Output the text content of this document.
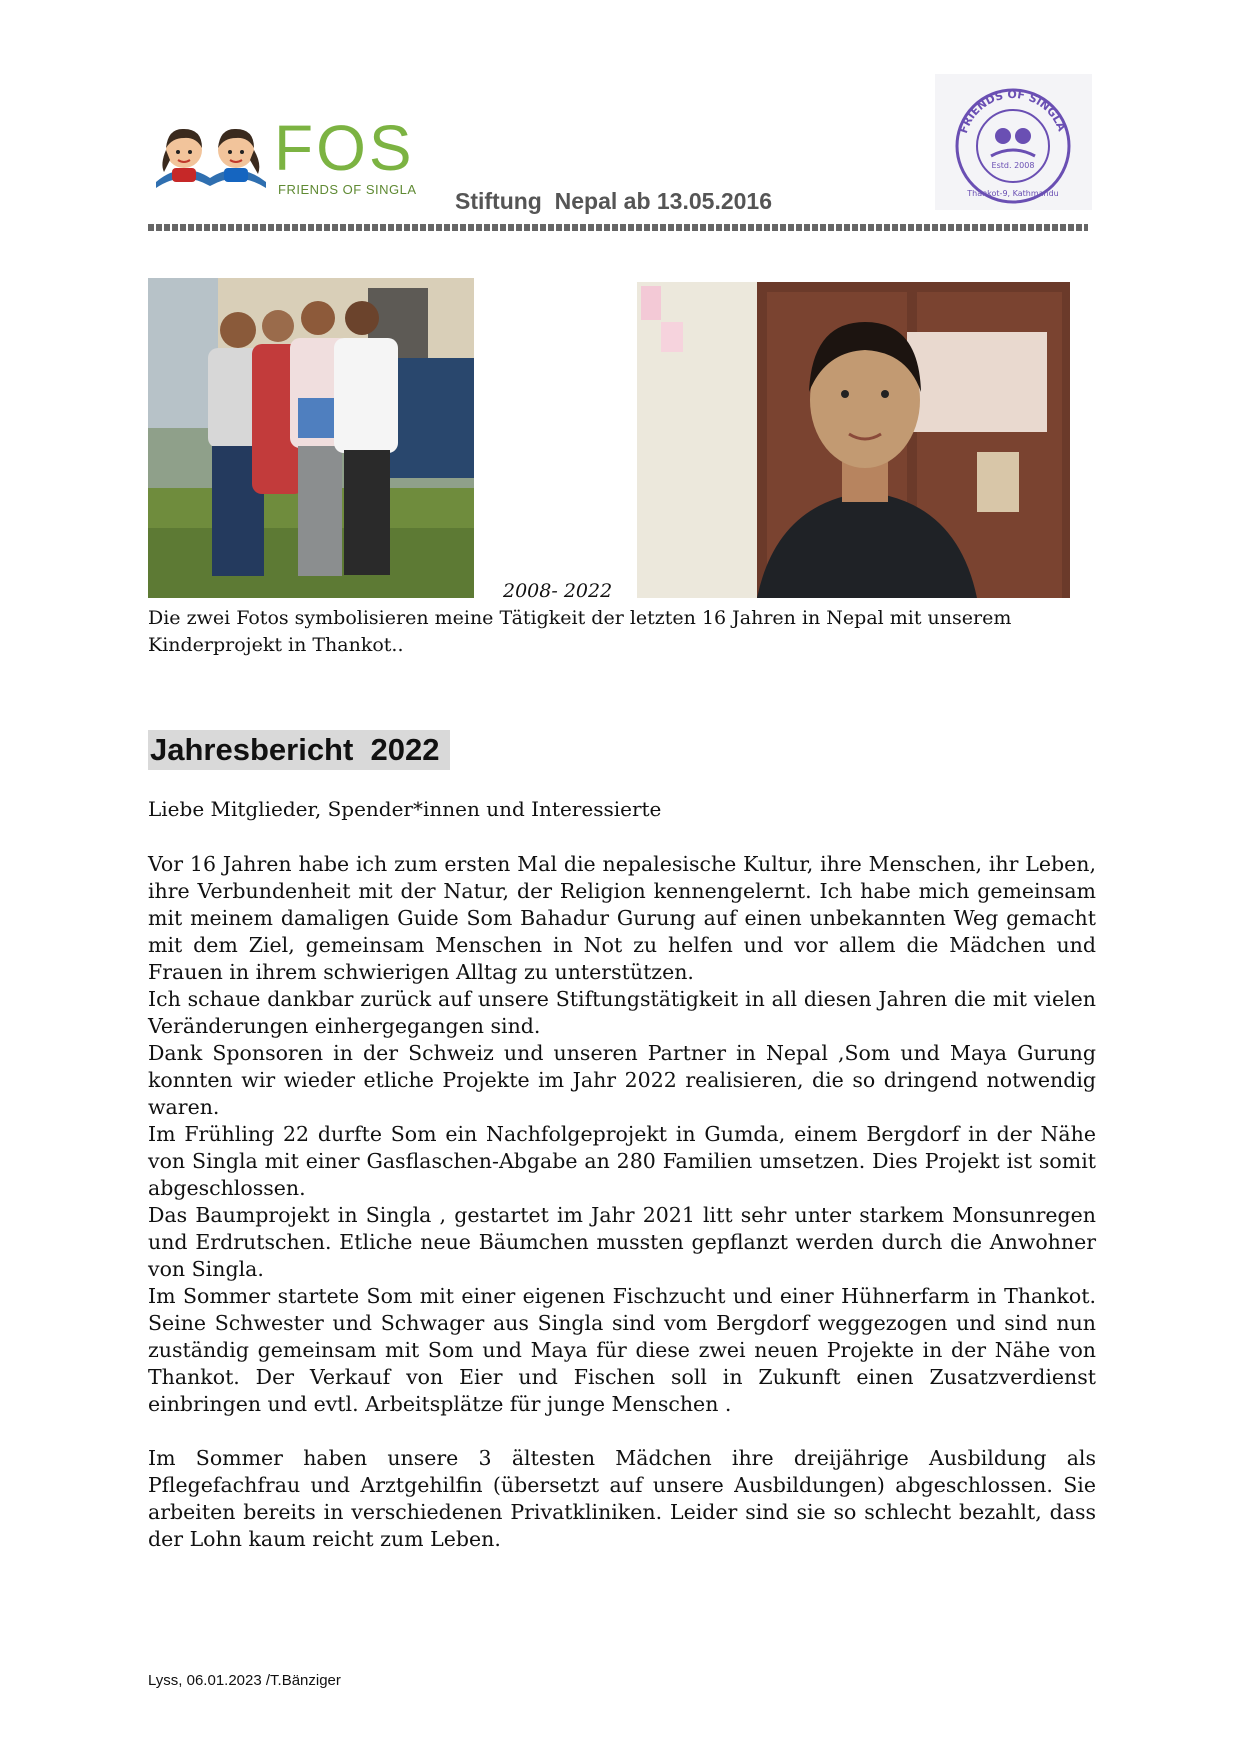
FOS
FRIENDS OF SINGLA Stiftung  Nepal ab 13.05.2016
FRIENDS OF SINGLA
Estd. 2008
Thankot-9, Kathmandu
2008- 2022
Die zwei Fotos symbolisieren meine Tätigkeit der letzten 16 Jahren in Nepal mit unserem Kinderprojekt in Thankot..
Jahresbericht  2022
Liebe Mitglieder, Spender*innen und Interessierte

Vor 16 Jahren habe ich zum ersten Mal die nepalesische Kultur, ihre Menschen, ihr Leben, ihre Verbundenheit mit der Natur, der Religion kennengelernt. Ich habe mich gemeinsam mit meinem damaligen Guide Som Bahadur Gurung auf einen unbekannten Weg gemacht mit dem Ziel, gemeinsam Menschen in Not zu helfen und vor allem die Mädchen und Frauen in ihrem schwierigen Alltag zu unterstützen.

Ich schaue dankbar zurück auf unsere Stiftungstätigkeit in all diesen Jahren die mit vielen Veränderungen einhergegangen sind.

Dank Sponsoren in der Schweiz und unseren Partner in Nepal ,Som und Maya Gurung konnten wir wieder etliche Projekte im Jahr 2022 realisieren, die so dringend notwendig waren.

Im Frühling 22 durfte Som ein Nachfolgeprojekt in Gumda, einem Bergdorf in der Nähe von Singla mit einer Gasflaschen-Abgabe an 280 Familien umsetzen. Dies Projekt ist somit abgeschlossen.

Das Baumprojekt in Singla , gestartet im Jahr 2021 litt sehr unter starkem Monsunregen und Erdrutschen. Etliche neue Bäumchen mussten gepflanzt werden durch die Anwohner von Singla.

Im Sommer startete Som mit einer eigenen Fischzucht und einer Hühnerfarm in Thankot. Seine Schwester und Schwager aus Singla sind vom Bergdorf weggezogen und sind nun zuständig gemeinsam mit Som und Maya für diese zwei neuen Projekte in der Nähe von Thankot. Der Verkauf von Eier und Fischen soll in Zukunft einen Zusatzverdienst einbringen und evtl. Arbeitsplätze für junge Menschen .

Im Sommer haben unsere 3 ältesten Mädchen ihre dreijährige Ausbildung als Pflegefachfrau und Arztgehilfin (übersetzt auf unsere Ausbildungen) abgeschlossen. Sie arbeiten bereits in verschiedenen Privatkliniken. Leider sind sie so schlecht bezahlt, dass der Lohn kaum reicht zum Leben.

Lyss, 06.01.2023 /T.Bänziger
